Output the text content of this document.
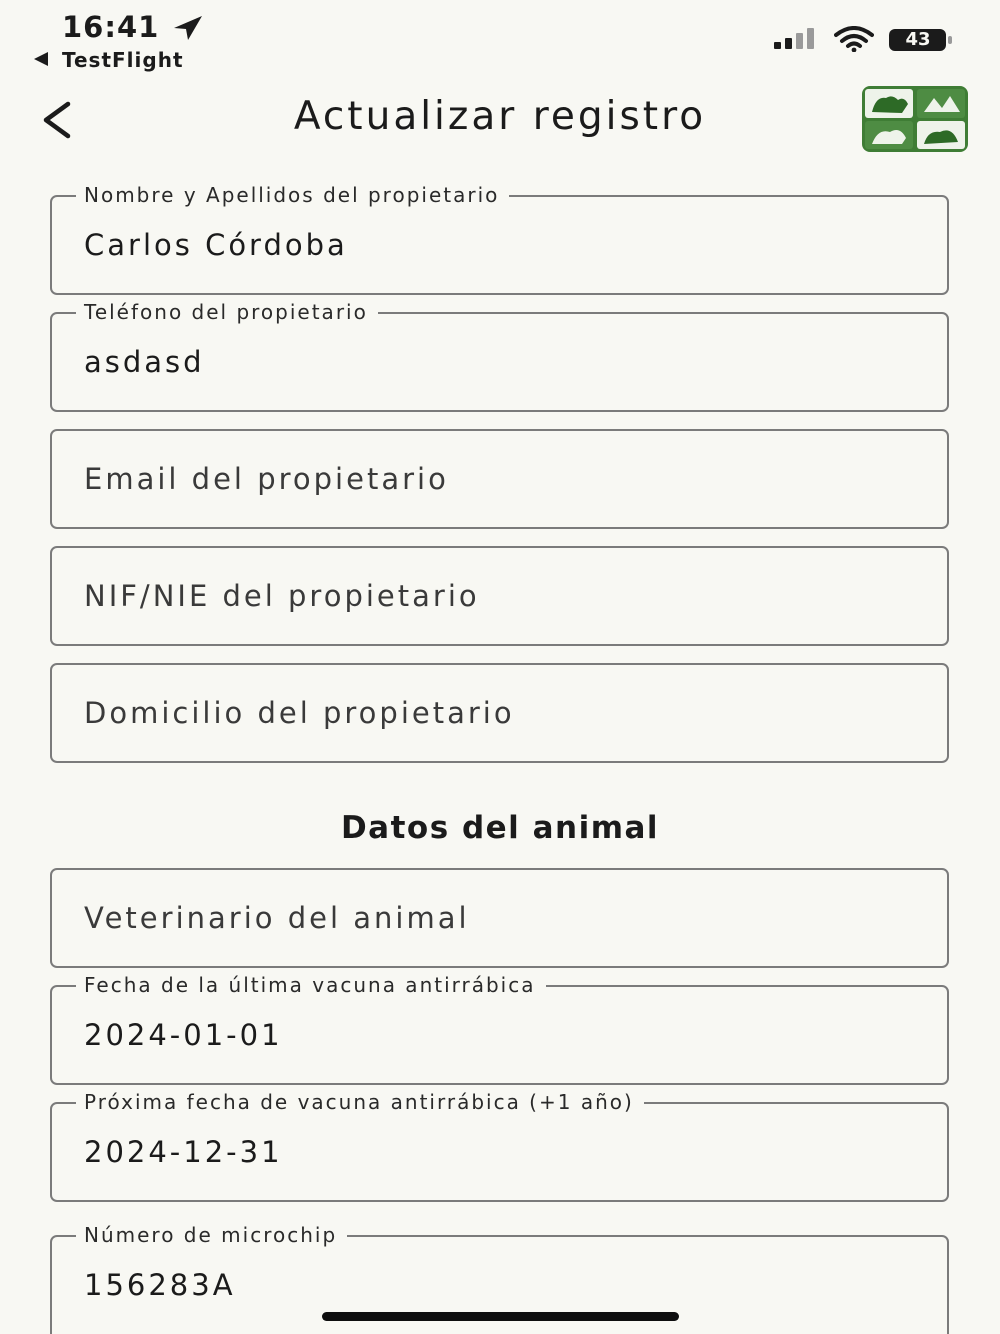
16:41
TestFlight
43
Actualizar registro
Nombre y Apellidos del propietario
Carlos Córdoba
Teléfono del propietario
asdasd
Email del propietario
NIF/NIE del propietario
Domicilio del propietario
Datos del animal
Veterinario del animal
Fecha de la última vacuna antirrábica
2024-01-01
Próxima fecha de vacuna antirrábica (+1 año)
2024-12-31
Número de microchip
156283A
